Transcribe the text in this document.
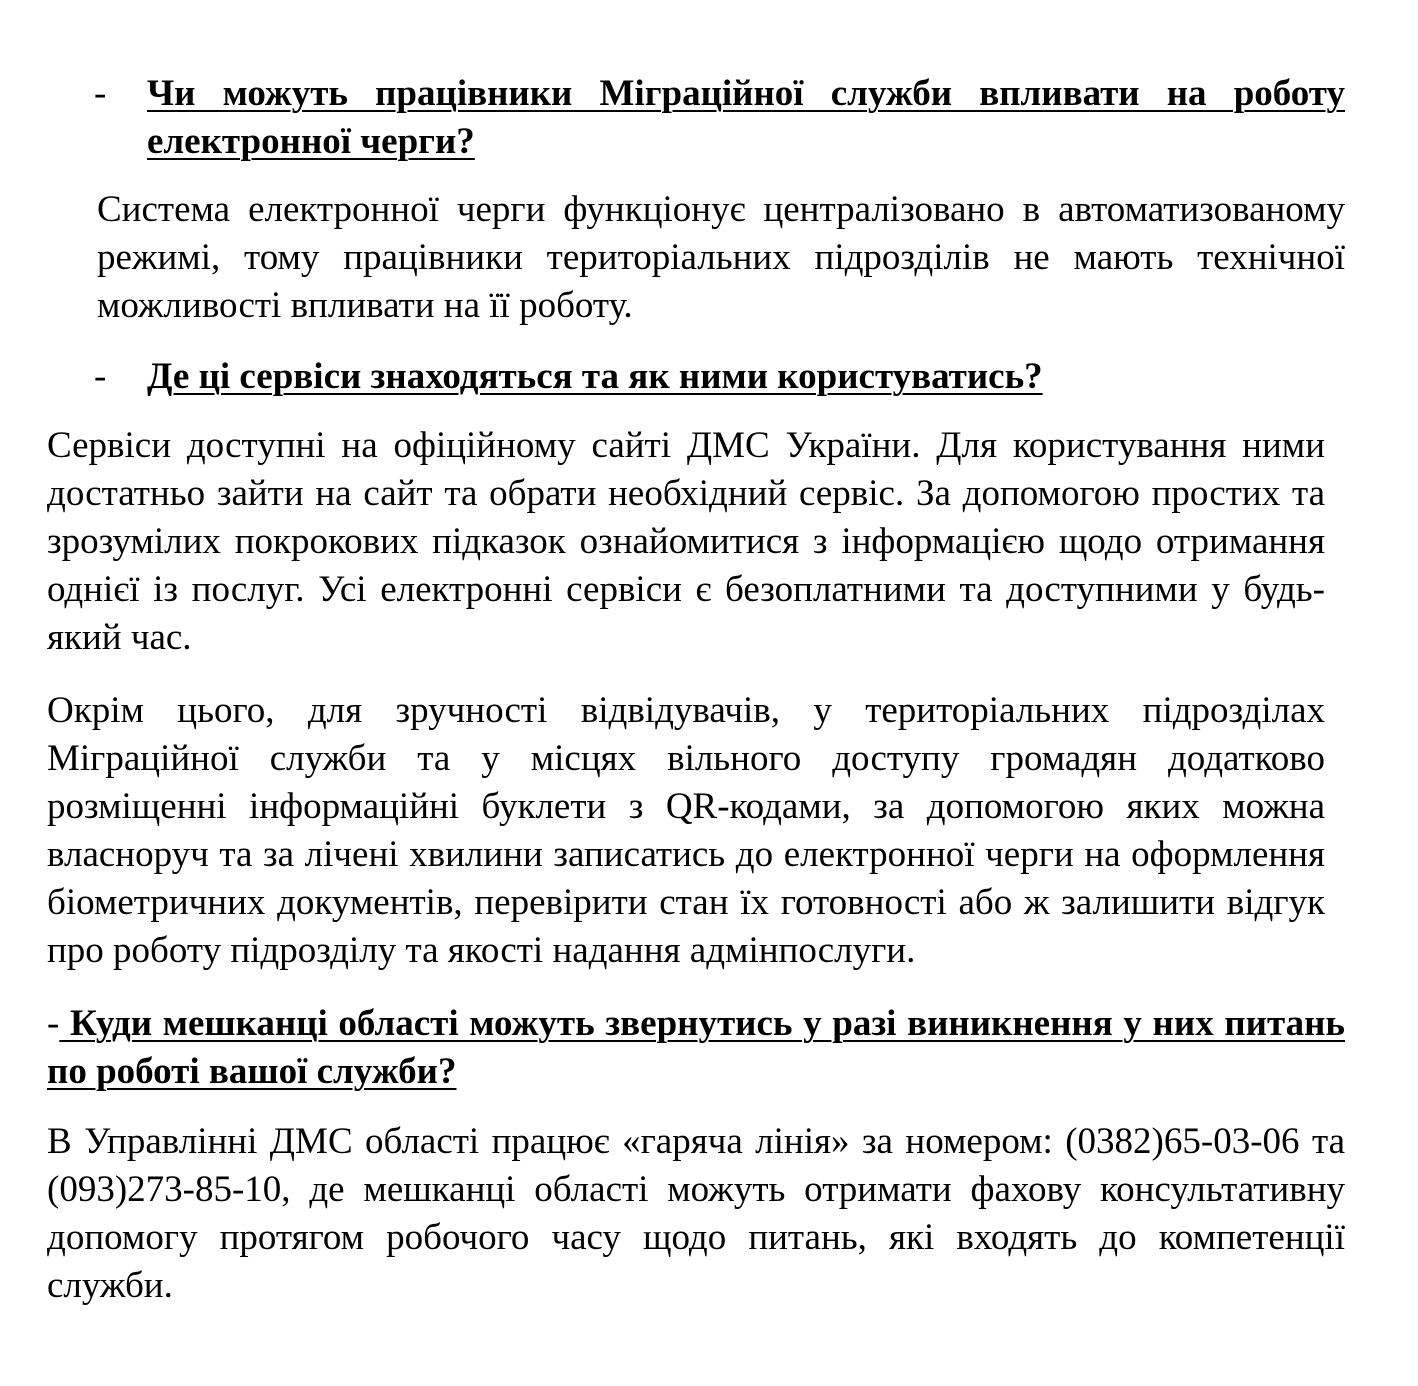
- Чи можуть працівники Міграційної служби впливати на роботу електронної черги?

Система електронної черги функціонує централізовано в автоматизованому режимі, тому працівники територіальних підрозділів не мають технічної можливості впливати на її роботу.

- Де ці сервіси знаходяться та як ними користуватись?

Сервіси доступні на офіційному сайті ДМС України. Для користування ними достатньо зайти на сайт та обрати необхідний сервіс. За допомогою простих та зрозумілих покрокових підказок ознайомитися з інформацією щодо отримання однієї із послуг. Усі електронні сервіси є безоплатними та доступними у будь-який час.

Окрім цього, для зручності відвідувачів, у територіальних підрозділах Міграційної служби та у місцях вільного доступу громадян додатково розміщенні інформаційні буклети з QR-кодами, за допомогою яких можна власноруч та за лічені хвилини записатись до електронної черги на оформлення біометричних документів, перевірити стан їх готовності або ж залишити відгук про роботу підрозділу та якості надання адмінпослуги.

- Куди мешканці області можуть звернутись у разі виникнення у них питань по роботі вашої служби?

В Управлінні ДМС області працює «гаряча лінія» за номером: (0382)65-03-06 та (093)273-85-10, де мешканці області можуть отримати фахову консультативну допомогу протягом робочого часу щодо питань, які входять до компетенції служби.
